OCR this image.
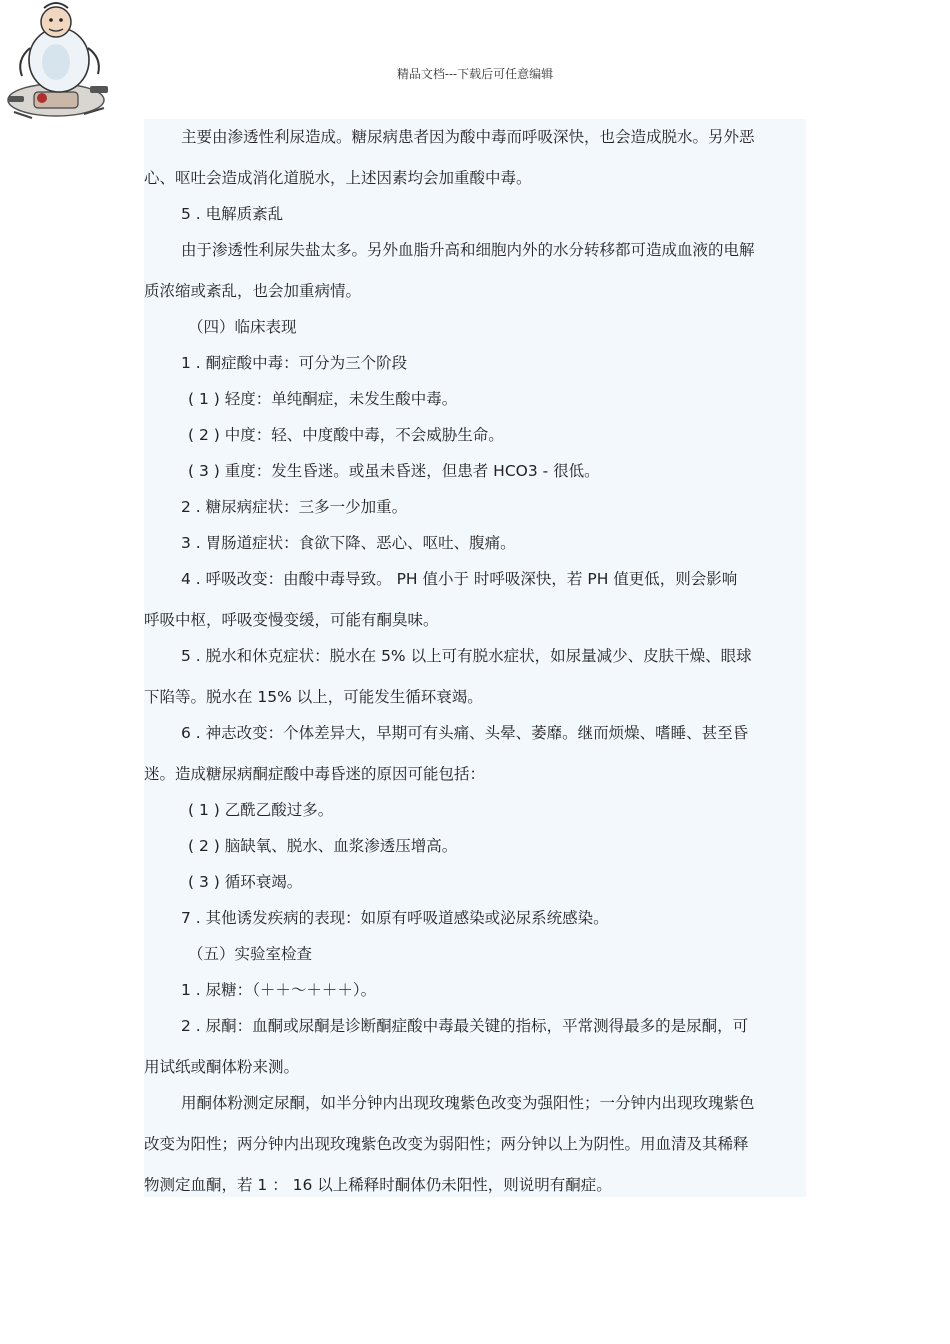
精品文档---下载后可任意编辑
主要由渗透性利尿造成。糖尿病患者因为酸中毒而呼吸深快，也会造成脱水。另外恶
心、呕吐会造成消化道脱水，上述因素均会加重酸中毒。
5 . 电解质紊乱
由于渗透性利尿失盐太多。另外血脂升高和细胞内外的水分转移都可造成血液的电解
质浓缩或紊乱，也会加重病情。
（四）临床表现
1 . 酮症酸中毒：可分为三个阶段
( 1 ) 轻度：单纯酮症，未发生酸中毒。
( 2 ) 中度：轻、中度酸中毒，不会威胁生命。
( 3 ) 重度：发生昏迷。或虽未昏迷，但患者 HCO3 - 很低。
2 . 糖尿病症状：三多一少加重。
3 . 胃肠道症状：食欲下降、恶心、呕吐、腹痛。
4 . 呼吸改变：由酸中毒导致。 PH 值小于 时呼吸深快，若 PH 值更低，则会影响
呼吸中枢，呼吸变慢变缓，可能有酮臭味。
5 . 脱水和休克症状：脱水在 5% 以上可有脱水症状，如尿量减少、皮肤干燥、眼球
下陷等。脱水在 15% 以上，可能发生循环衰竭。
6 . 神志改变：个体差异大，早期可有头痛、头晕、萎靡。继而烦燥、嗜睡、甚至昏
迷。造成糖尿病酮症酸中毒昏迷的原因可能包括：
( 1 ) 乙酰乙酸过多。
( 2 ) 脑缺氧、脱水、血浆渗透压增高。
( 3 ) 循环衰竭。
7 . 其他诱发疾病的表现：如原有呼吸道感染或泌尿系统感染。
（五）实验室检查
1 . 尿糖：（＋＋～＋＋＋）。
2 . 尿酮：血酮或尿酮是诊断酮症酸中毒最关键的指标，平常测得最多的是尿酮，可
用试纸或酮体粉来测。
用酮体粉测定尿酮，如半分钟内出现玫瑰紫色改变为强阳性；一分钟内出现玫瑰紫色
改变为阳性；两分钟内出现玫瑰紫色改变为弱阳性；两分钟以上为阴性。用血清及其稀释
物测定血酮，若 1 ： 16 以上稀释时酮体仍未阳性，则说明有酮症。
